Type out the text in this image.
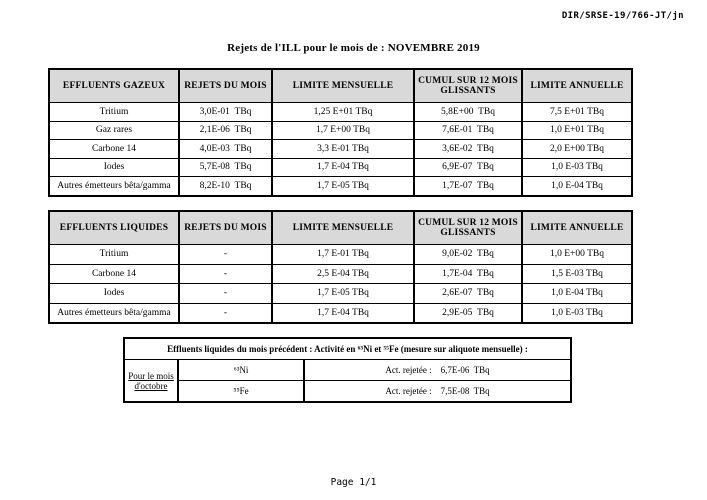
DIR/SRSE-19/766-JT/jn
Rejets de l'ILL pour le mois de : NOVEMBRE 2019
EFFLUENTS GAZEUX	REJETS DU MOIS	LIMITE MENSUELLE	CUMUL SUR 12 MOIS GLISSANTS	LIMITE ANNUELLE
Tritium	3,0E-01  TBq	1,25 E+01 TBq	5,8E+00  TBq	7,5 E+01 TBq
Gaz rares	2,1E-06  TBq	1,7 E+00 TBq	7,6E-01  TBq	1,0 E+01 TBq
Carbone 14	4,0E-03  TBq	3,3 E-01 TBq	3,6E-02  TBq	2,0 E+00 TBq
Iodes	5,7E-08  TBq	1,7 E-04 TBq	6,9E-07  TBq	1,0 E-03 TBq
Autres émetteurs bêta/gamma	8,2E-10  TBq	1,7 E-05 TBq	1,7E-07  TBq	1,0 E-04 TBq
EFFLUENTS LIQUIDES	REJETS DU MOIS	LIMITE MENSUELLE	CUMUL SUR 12 MOIS GLISSANTS	LIMITE ANNUELLE
Tritium	-	1,7 E-01 TBq	9,0E-02  TBq	1,0 E+00 TBq
Carbone 14	-	2,5 E-04 TBq	1,7E-04  TBq	1,5 E-03 TBq
Iodes	-	1,7 E-05 TBq	2,6E-07  TBq	1,0 E-04 TBq
Autres émetteurs bêta/gamma	-	1,7 E-04 TBq	2,9E-05  TBq	1,0 E-03 TBq
Effluents liquides du mois précédent : Activité en ⁶³Ni et ⁵⁵Fe (mesure sur aliquote mensuelle) :		
Pour le mois d'octobre	⁶³Ni	Act. rejetée :    6,7E-06  TBq
	⁵⁵Fe	Act. rejetée :    7,5E-08  TBq
Page 1/1
